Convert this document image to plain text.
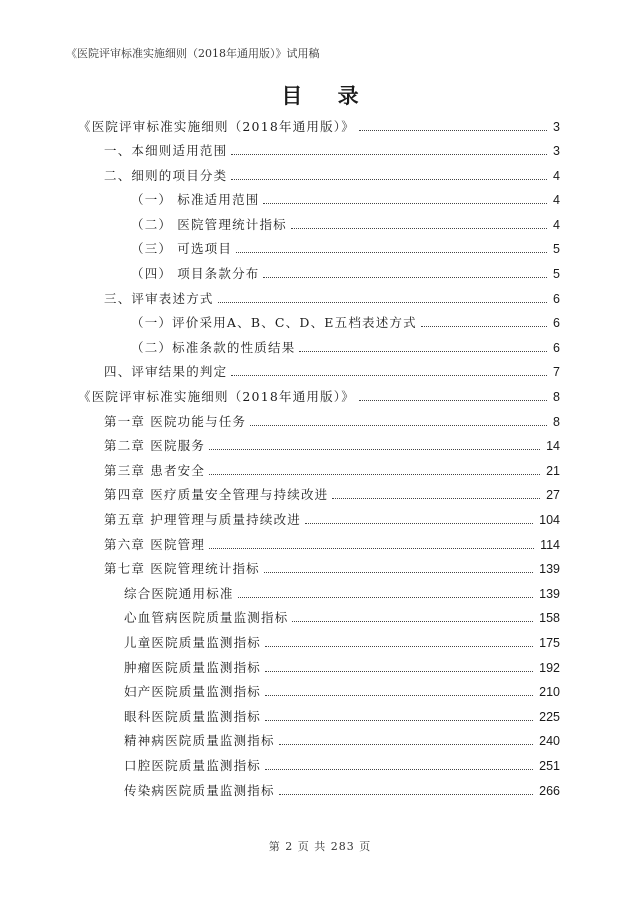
《医院评审标准实施细则（2018年通用版）》试用稿
目 录
《医院评审标准实施细则（2018年通用版）》	3
一、本细则适用范围	3
二、细则的项目分类	4
（一） 标准适用范围	4
（二） 医院管理统计指标	4
（三） 可选项目	5
（四） 项目条款分布	5
三、评审表述方式	6
（一）评价采用A、B、C、D、E五档表述方式	6
（二）标准条款的性质结果	6
四、评审结果的判定	7
《医院评审标准实施细则（2018年通用版）》	8
第一章 医院功能与任务	8
第二章 医院服务	14
第三章 患者安全	21
第四章 医疗质量安全管理与持续改进	27
第五章 护理管理与质量持续改进	104
第六章 医院管理	114
第七章 医院管理统计指标	139
综合医院通用标准	139
心血管病医院质量监测指标	158
儿童医院质量监测指标	175
肿瘤医院质量监测指标	192
妇产医院质量监测指标	210
眼科医院质量监测指标	225
精神病医院质量监测指标	240
口腔医院质量监测指标	251
传染病医院质量监测指标	266
第 2 页 共 283 页
